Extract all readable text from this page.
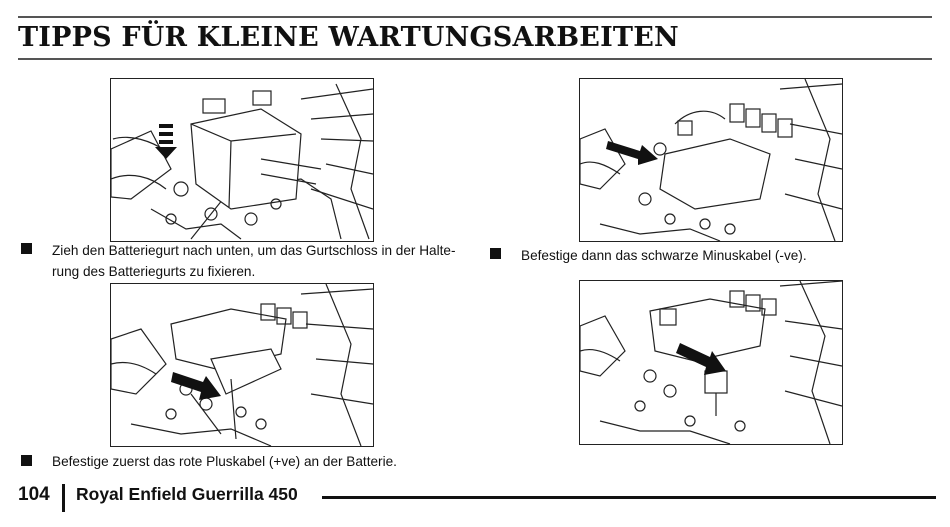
TIPPS FÜR KLEINE WARTUNGSARBEITEN
Zieh den Batteriegurt nach unten, um das Gurtschloss in der Halte-
rung des Batteriegurts zu fixieren.
Befestige zuerst das rote Pluskabel (+ve) an der Batterie.
Befestige dann das schwarze Minuskabel (-ve).
104 Royal Enfield Guerrilla 450
